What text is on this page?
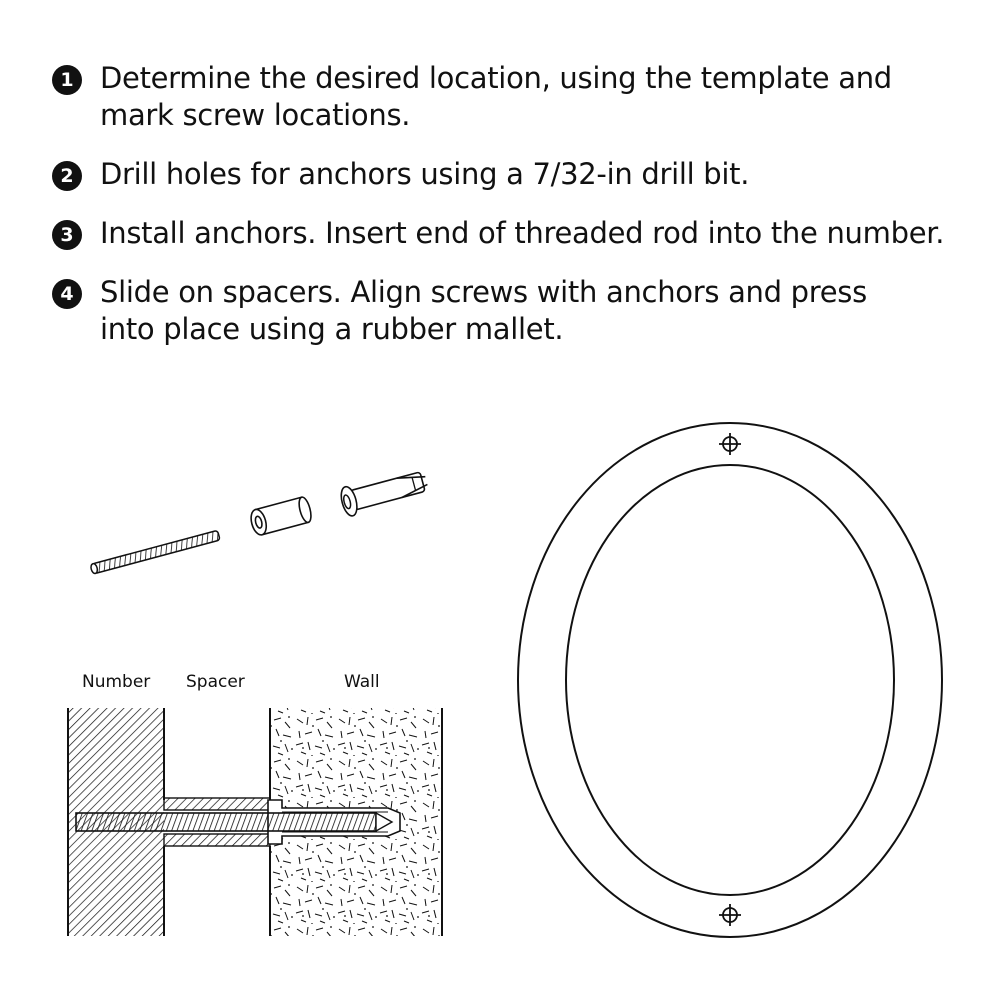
1 Determine the desired location, using the template and mark screw locations.
2 Drill holes for anchors using a 7/32-in drill bit.
3 Install anchors. Insert end of threaded rod into the number.
4 Slide on spacers. Align screws with anchors and press into place using a rubber mallet.
Number Spacer	Wall
